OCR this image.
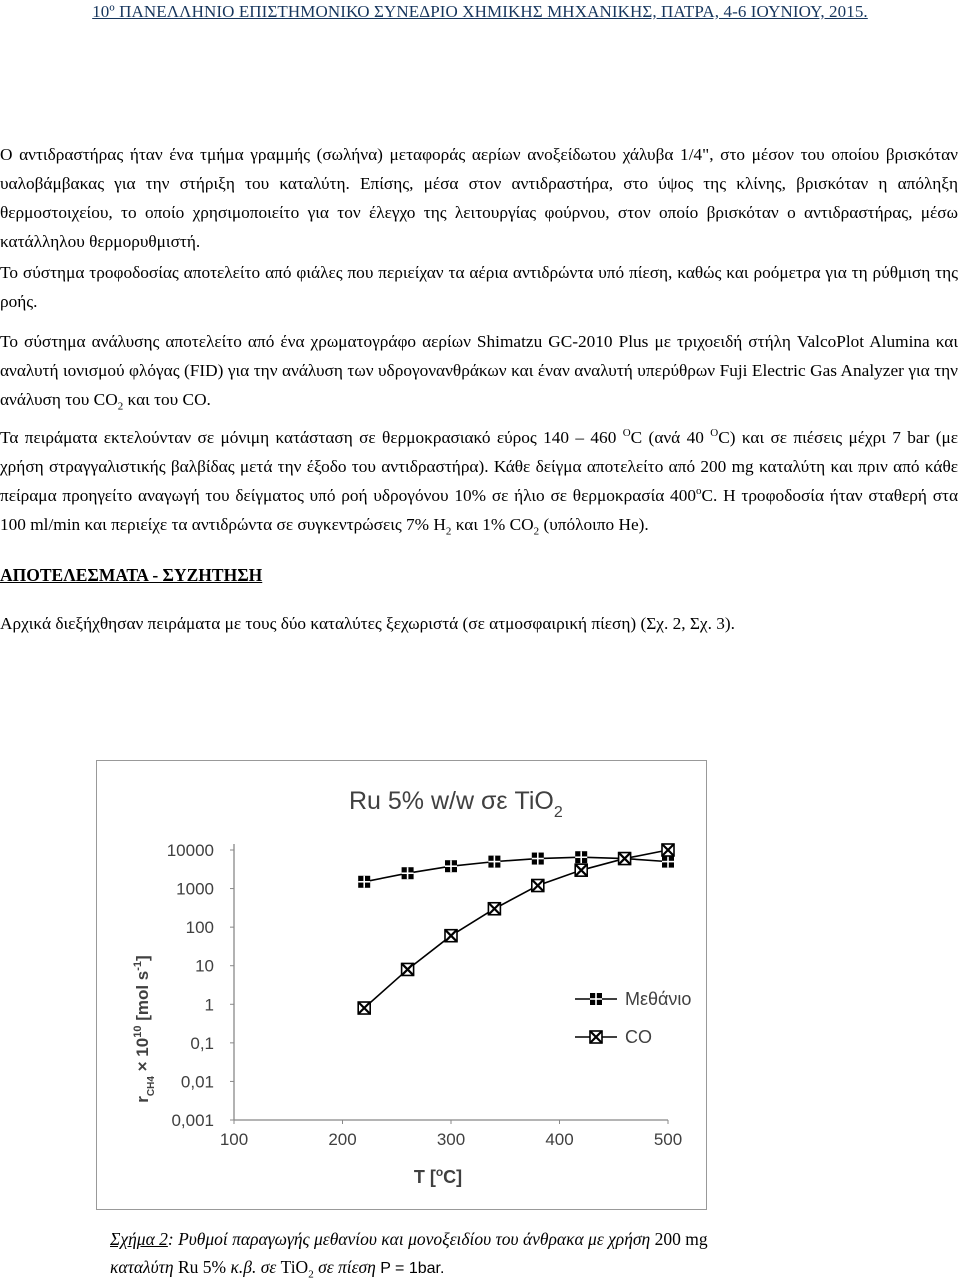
10º ΠΑΝΕΛΛΗΝΙΟ ΕΠΙΣΤΗΜΟΝΙΚΟ ΣΥΝΕΔΡΙΟ ΧΗΜΙΚΗΣ ΜΗΧΑΝΙΚΗΣ, ΠΑΤΡΑ, 4-6 ΙΟΥΝΙΟΥ, 2015.
Ο αντιδραστήρας ήταν ένα τμήμα γραμμής (σωλήνα) μεταφοράς αερίων ανοξείδωτου χάλυβα 1/4", στο μέσον του οποίου βρισκόταν υαλοβάμβακας για την στήριξη του καταλύτη. Επίσης, μέσα στον αντιδραστήρα, στο ύψος της κλίνης, βρισκόταν η απόληξη θερμοστοιχείου, το οποίο χρησιμοποιείτο για τον έλεγχο της λειτουργίας φούρνου, στον οποίο βρισκόταν ο αντιδραστήρας, μέσω κατάλληλου θερμορυθμιστή.
Το σύστημα τροφοδοσίας αποτελείτο από φιάλες που περιείχαν τα αέρια αντιδρώντα υπό πίεση, καθώς και ροόμετρα για τη ρύθμιση της ροής.
Το σύστημα ανάλυσης αποτελείτο από ένα χρωματογράφο αερίων Shimatzu GC-2010 Plus με τριχοειδή στήλη ValcoPlot Alumina και αναλυτή ιονισμού φλόγας (FID) για την ανάλυση των υδρογονανθράκων και έναν αναλυτή υπερύθρων Fuji Electric Gas Analyzer για την ανάλυση του $CO_2$ και του CO.
Τα πειράματα εκτελούνταν σε μόνιμη κατάσταση σε θερμοκρασιακό εύρος 140 – 460 $^O$C (ανά 40 $^O$C) και σε πιέσεις μέχρι 7 bar (με χρήση στραγγαλιστικής βαλβίδας μετά την έξοδο του αντιδραστήρα). Κάθε δείγμα αποτελείτο από 200 mg καταλύτη και πριν από κάθε πείραμα προηγείτο αναγωγή του δείγματος υπό ροή υδρογόνου 10% σε ήλιο σε θερμοκρασία 400$^o$C. Η τροφοδοσία ήταν σταθερή στα 100 ml/min και περιείχε τα αντιδρώντα σε συγκεντρώσεις 7% $H_2$ και 1% $CO_2$ (υπόλοιπο He).
ΑΠΟΤΕΛΕΣΜΑΤΑ - ΣΥΖΗΤΗΣΗ
Αρχικά διεξήχθησαν πειράματα με τους δύο καταλύτες ξεχωριστά (σε ατμοσφαιρική πίεση) (Σχ. 2, Σχ. 3).
Ru 5% w/w σε TiO$_2$
10000
1000
100
10
1
0,1
0,01
0,001
100	200	300	400	500
Μεθάνιο
CO
T [$^o$C]
$r_{CH4} \times 10^{10}$ [mol $s^{-1}$]
Σχήμα 2: Ρυθμοί παραγωγής μεθανίου και μονοξειδίου του άνθρακα με χρήση 200 mg
καταλύτη Ru 5% κ.β. σε TiO$_2$ σε πίεση P = 1bar.
